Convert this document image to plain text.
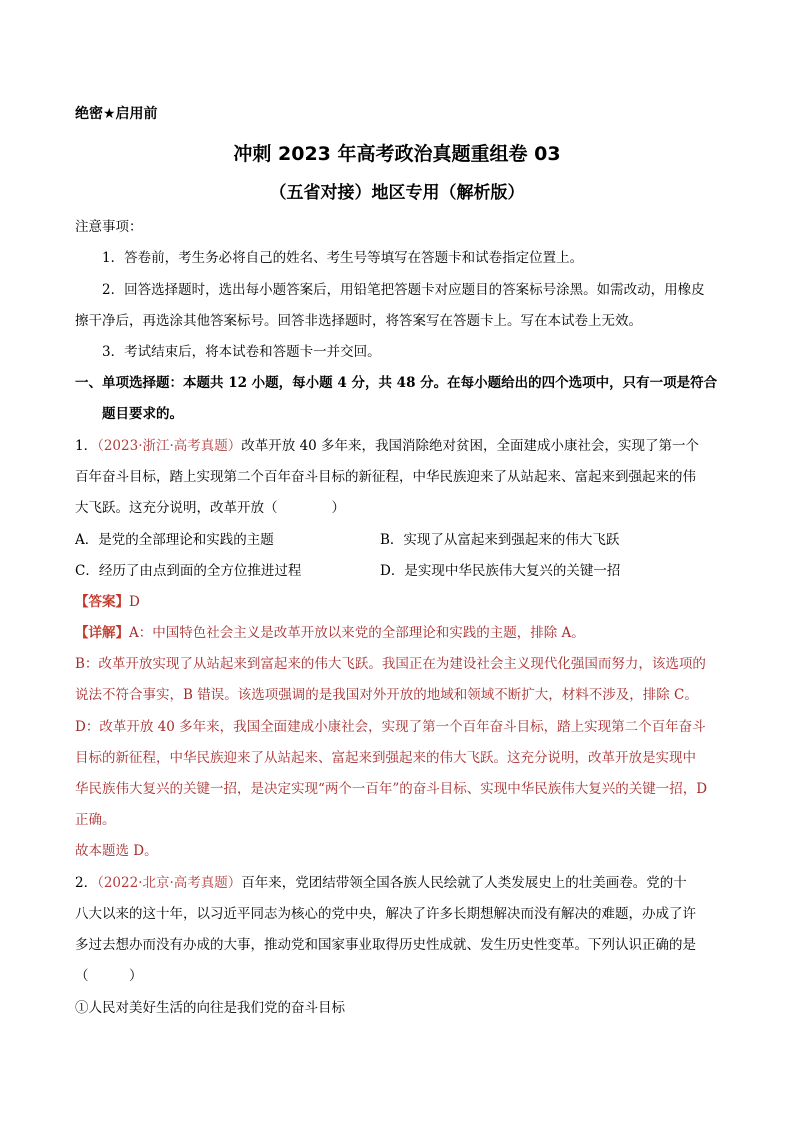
绝密★启用前
冲刺 2023 年高考政治真题重组卷 03
（五省对接）地区专用（解析版）
注意事项：
1．答卷前，考生务必将自己的姓名、考生号等填写在答题卡和试卷指定位置上。
2．回答选择题时，选出每小题答案后，用铅笔把答题卡对应题目的答案标号涂黑。如需改动，用橡皮
擦干净后，再选涂其他答案标号。回答非选择题时，将答案写在答题卡上。写在本试卷上无效。
3．考试结束后，将本试卷和答题卡一并交回。
一、单项选择题：本题共 12 小题，每小题 4 分，共 48 分。在每小题给出的四个选项中，只有一项是符合
题目要求的。
1．（2023·浙江·高考真题）改革开放 40 多年来，我国消除绝对贫困，全面建成小康社会，实现了第一个
百年奋斗目标，踏上实现第二个百年奋斗目标的新征程，中华民族迎来了从站起来、富起来到强起来的伟
大飞跃。这充分说明，改革开放（　　　　）
A．是党的全部理论和实践的主题	B．实现了从富起来到强起来的伟大飞跃
C．经历了由点到面的全方位推进过程	D．是实现中华民族伟大复兴的关键一招
【答案】D
【详解】A：中国特色社会主义是改革开放以来党的全部理论和实践的主题，排除 A。
B：改革开放实现了从站起来到富起来的伟大飞跃。我国正在为建设社会主义现代化强国而努力，该选项的
说法不符合事实，B 错误。该选项强调的是我国对外开放的地域和领域不断扩大，材料不涉及，排除 C。
D：改革开放 40 多年来，我国全面建成小康社会，实现了第一个百年奋斗目标，踏上实现第二个百年奋斗
目标的新征程，中华民族迎来了从站起来、富起来到强起来的伟大飞跃。这充分说明，改革开放是实现中
华民族伟大复兴的关键一招，是决定实现“两个一百年”的奋斗目标、实现中华民族伟大复兴的关键一招，D
正确。
故本题选 D。
2．（2022·北京·高考真题）百年来，党团结带领全国各族人民绘就了人类发展史上的壮美画卷。党的十
八大以来的这十年，以习近平同志为核心的党中央，解决了许多长期想解决而没有解决的难题，办成了许
多过去想办而没有办成的大事，推动党和国家事业取得历史性成就、发生历史性变革。下列认识正确的是
（　　　）
①人民对美好生活的向往是我们党的奋斗目标
